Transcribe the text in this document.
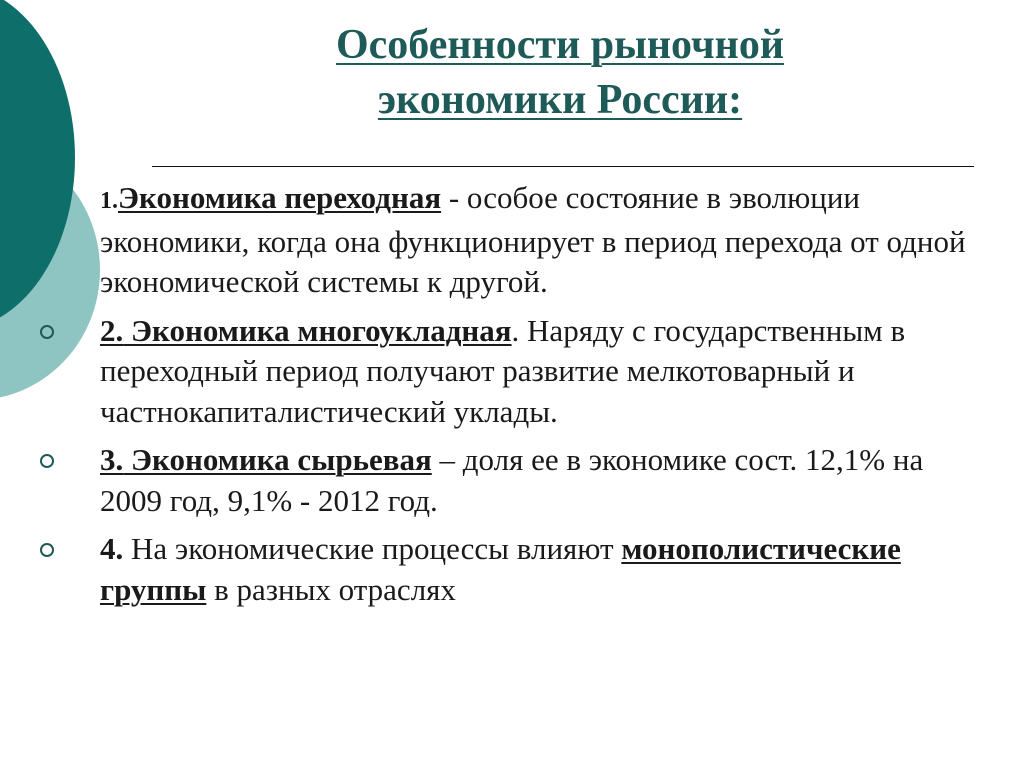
Особенности рыночной
экономики России:
1.Экономика переходная - особое состояние в эволюции экономики, когда она функционирует в период перехода от одной экономической системы к другой.
2. Экономика многоукладная. Наряду с государственным в переходный период получают развитие мелкотоварный и частнокапиталистический уклады.
3. Экономика сырьевая – доля ее в экономике сост. 12,1% на 2009 год, 9,1% - 2012 год.
4. На экономические процессы влияют монополистические группы в разных отраслях
